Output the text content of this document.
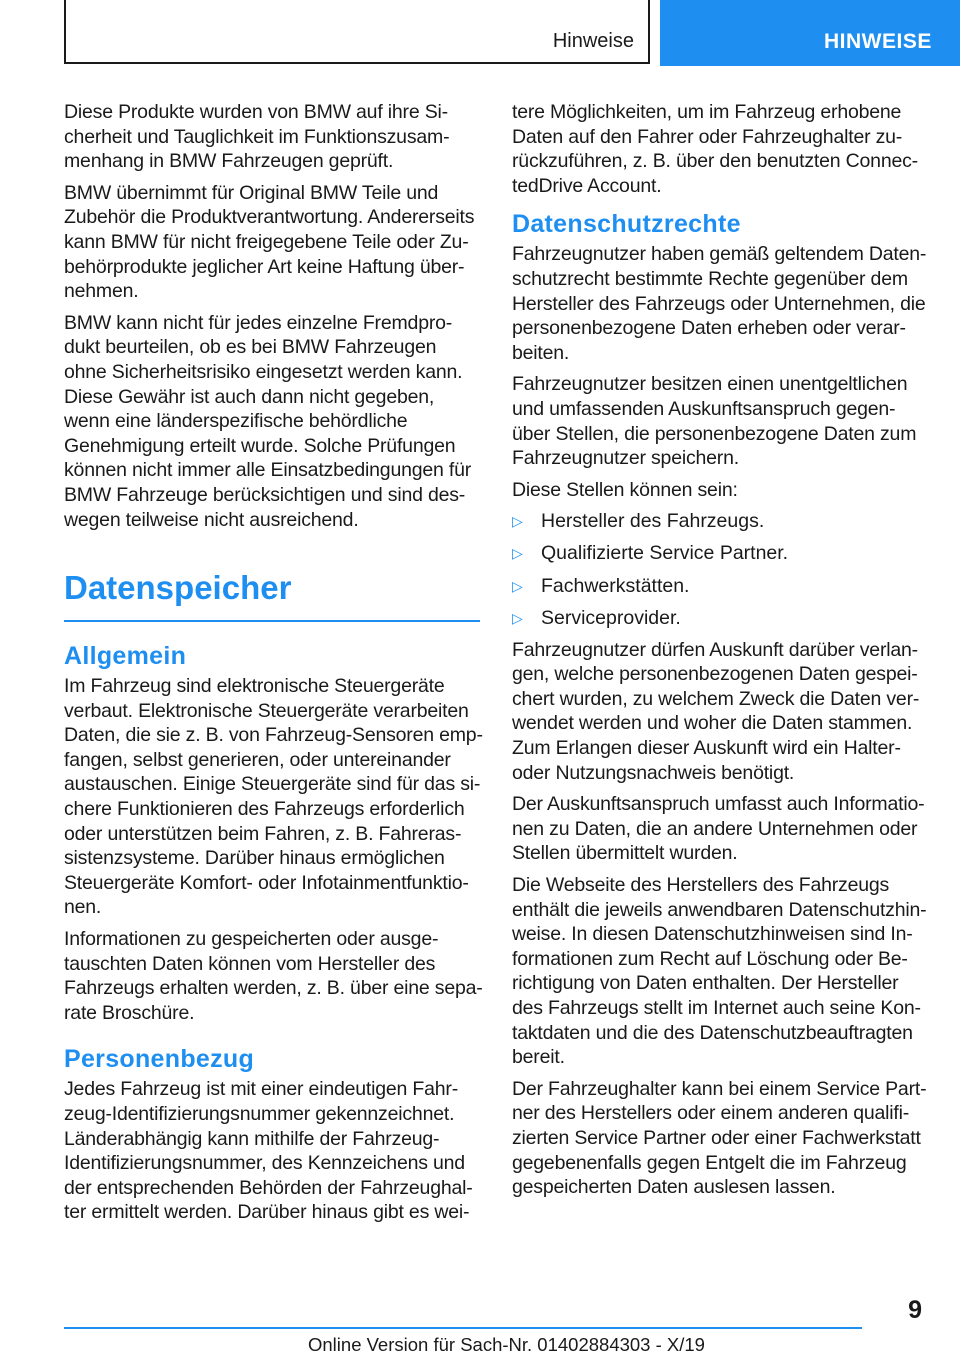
Hinweise	HINWEISE

Diese Produkte wurden von BMW auf ihre Si‐cherheit und Tauglichkeit im Funktionszusam‐menhang in BMW Fahrzeugen geprüft.

BMW übernimmt für Original BMW Teile und Zubehör die Produktverantwortung. Andererseits kann BMW für nicht freigegebene Teile oder Zu‐behörprodukte jeglicher Art keine Haftung über‐nehmen.

BMW kann nicht für jedes einzelne Fremdpro‐dukt beurteilen, ob es bei BMW Fahrzeugen ohne Sicherheitsrisiko eingesetzt werden kann. Diese Gewähr ist auch dann nicht gegeben, wenn eine länderspezifische behördliche Genehmigung erteilt wurde. Solche Prüfungen können nicht immer alle Einsatzbedingungen für BMW Fahrzeuge berücksichtigen und sind des‐wegen teilweise nicht ausreichend.

Datenspeicher
Allgemein

Im Fahrzeug sind elektronische Steuergeräte verbaut. Elektronische Steuergeräte verarbeiten Daten, die sie z. B. von Fahrzeug-Sensoren emp‐fangen, selbst generieren, oder untereinander austauschen. Einige Steuergeräte sind für das si‐chere Funktionieren des Fahrzeugs erforderlich oder unterstützen beim Fahren, z. B. Fahreras‐sistenzsysteme. Darüber hinaus ermöglichen Steuergeräte Komfort- oder Infotainmentfunktio‐nen.

Informationen zu gespeicherten oder ausge‐tauschten Daten können vom Hersteller des Fahrzeugs erhalten werden, z. B. über eine sepa‐rate Broschüre.

Personenbezug

Jedes Fahrzeug ist mit einer eindeutigen Fahr‐zeug-Identifizierungsnummer gekennzeichnet. Länderabhängig kann mithilfe der Fahrzeug-Identifizierungsnummer, des Kennzeichens und der entsprechenden Behörden der Fahrzeughal‐ter ermittelt werden. Darüber hinaus gibt es wei‐

tere Möglichkeiten, um im Fahrzeug erhobene Daten auf den Fahrer oder Fahrzeughalter zu‐rückzuführen, z. B. über den benutzten Connec‐tedDrive Account.

Datenschutzrechte

Fahrzeugnutzer haben gemäß geltendem Daten‐schutzrecht bestimmte Rechte gegenüber dem Hersteller des Fahrzeugs oder Unternehmen, die personenbezogene Daten erheben oder verar‐beiten.

Fahrzeugnutzer besitzen einen unentgeltlichen und umfassenden Auskunftsanspruch gegen‐über Stellen, die personenbezogene Daten zum Fahrzeugnutzer speichern.

Diese Stellen können sein:

▷ Hersteller des Fahrzeugs.
▷ Qualifizierte Service Partner.
▷ Fachwerkstätten.
▷ Serviceprovider.

Fahrzeugnutzer dürfen Auskunft darüber verlan‐gen, welche personenbezogenen Daten gespei‐chert wurden, zu welchem Zweck die Daten ver‐wendet werden und woher die Daten stammen. Zum Erlangen dieser Auskunft wird ein Halter- oder Nutzungsnachweis benötigt.

Der Auskunftsanspruch umfasst auch Informatio‐nen zu Daten, die an andere Unternehmen oder Stellen übermittelt wurden.

Die Webseite des Herstellers des Fahrzeugs enthält die jeweils anwendbaren Datenschutzhin‐weise. In diesen Datenschutzhinweisen sind In‐formationen zum Recht auf Löschung oder Be‐richtigung von Daten enthalten. Der Hersteller des Fahrzeugs stellt im Internet auch seine Kon‐taktdaten und die des Datenschutzbeauftragten bereit.

Der Fahrzeughalter kann bei einem Service Part‐ner des Herstellers oder einem anderen qualifi‐zierten Service Partner oder einer Fachwerkstatt gegebenenfalls gegen Entgelt die im Fahrzeug gespeicherten Daten auslesen lassen.

9
Online Version für Sach-Nr. 01402884303 - X/19
